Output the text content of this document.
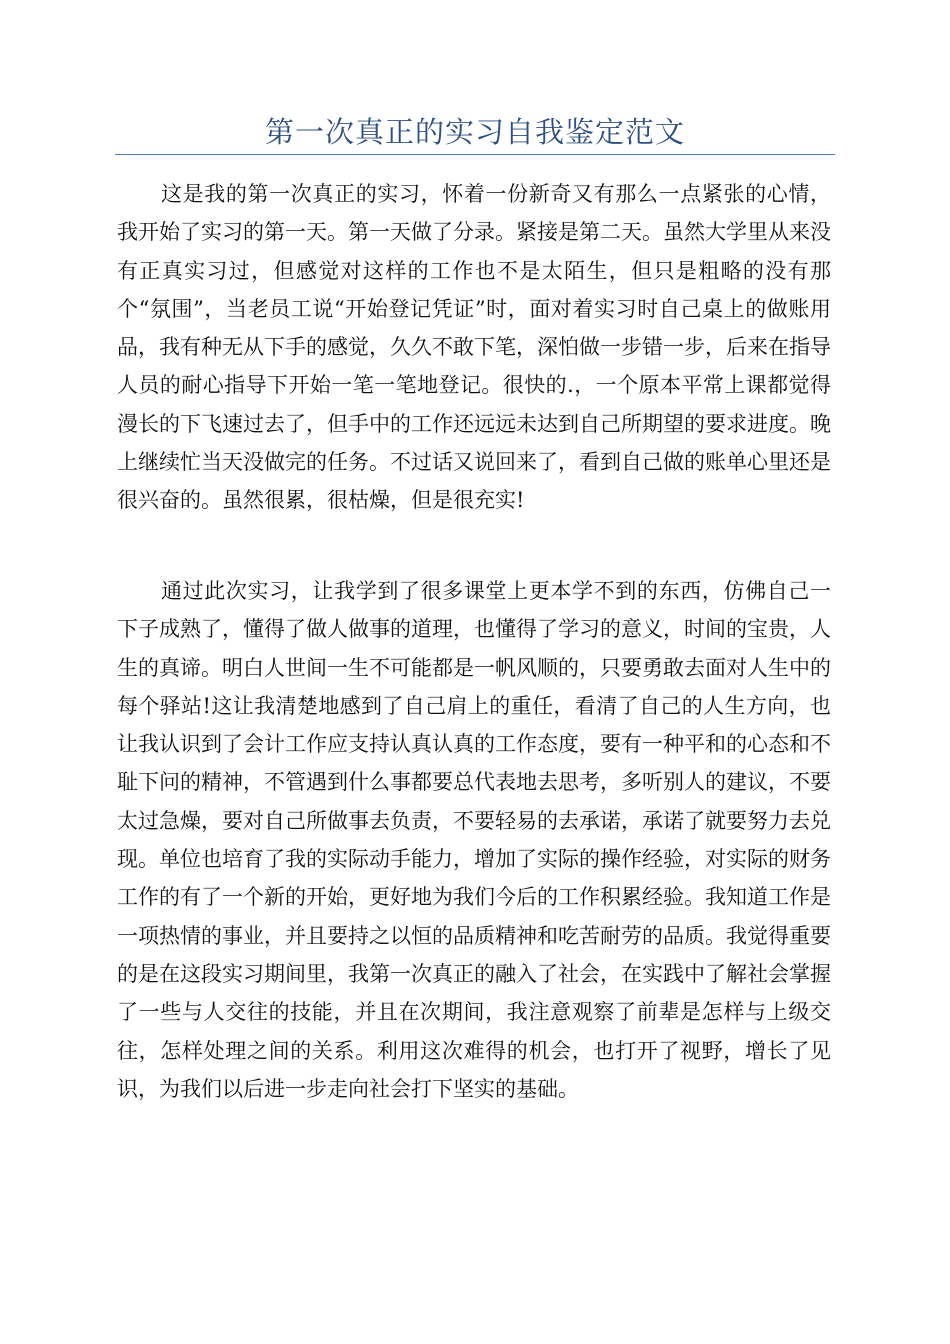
第一次真正的实习自我鉴定范文

这是我的第一次真正的实习，怀着一份新奇又有那么一点紧张的心情，我开始了实习的第一天。第一天做了分录。紧接是第二天。虽然大学里从来没有正真实习过，但感觉对这样的工作也不是太陌生，但只是粗略的没有那个“氛围”，当老员工说“开始登记凭证”时，面对着实习时自己桌上的做账用品，我有种无从下手的感觉，久久不敢下笔，深怕做一步错一步，后来在指导人员的耐心指导下开始一笔一笔地登记。很快的.，一个原本平常上课都觉得漫长的下飞速过去了，但手中的工作还远远未达到自己所期望的要求进度。晚上继续忙当天没做完的任务。不过话又说回来了，看到自己做的账单心里还是很兴奋的。虽然很累，很枯燥，但是很充实!

通过此次实习，让我学到了很多课堂上更本学不到的东西，仿佛自己一下子成熟了，懂得了做人做事的道理，也懂得了学习的意义，时间的宝贵，人生的真谛。明白人世间一生不可能都是一帆风顺的，只要勇敢去面对人生中的每个驿站!这让我清楚地感到了自己肩上的重任，看清了自己的人生方向，也让我认识到了会计工作应支持认真认真的工作态度，要有一种平和的心态和不耻下问的精神，不管遇到什么事都要总代表地去思考，多听别人的建议，不要太过急燥，要对自己所做事去负责，不要轻易的去承诺，承诺了就要努力去兑现。单位也培育了我的实际动手能力，增加了实际的操作经验，对实际的财务工作的有了一个新的开始，更好地为我们今后的工作积累经验。我知道工作是一项热情的事业，并且要持之以恒的品质精神和吃苦耐劳的品质。我觉得重要的是在这段实习期间里，我第一次真正的融入了社会，在实践中了解社会掌握了一些与人交往的技能，并且在次期间，我注意观察了前辈是怎样与上级交往，怎样处理之间的关系。利用这次难得的机会，也打开了视野，增长了见识，为我们以后进一步走向社会打下坚实的基础。
